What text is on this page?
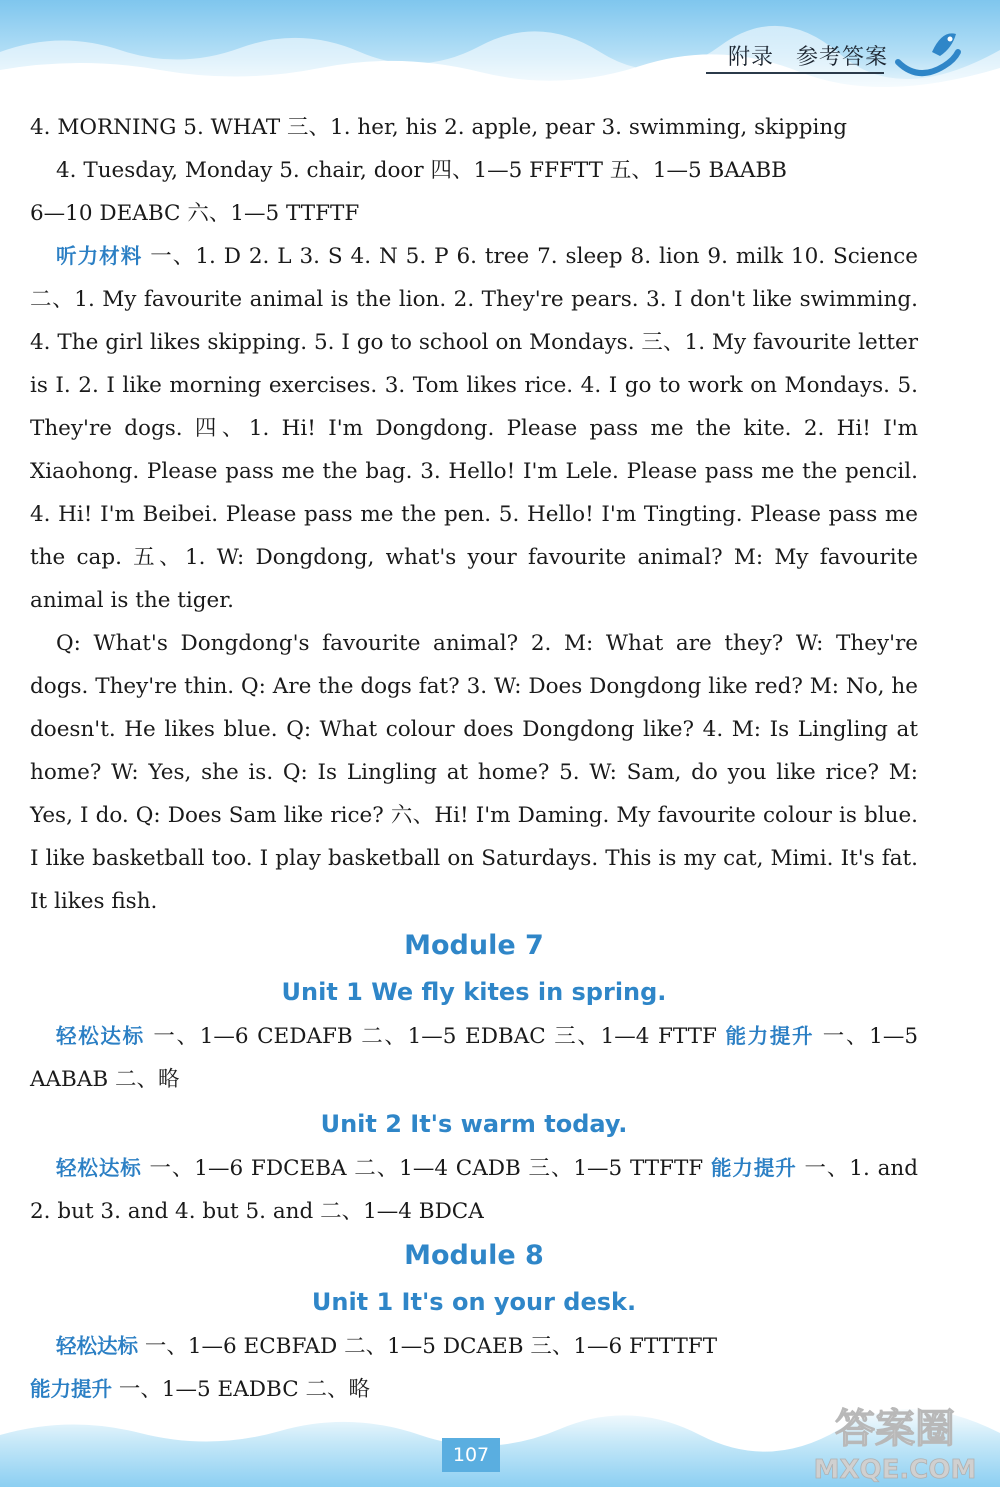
附录 参考答案

4. MORNING 5. WHAT 三、1. her, his 2. apple, pear 3. swimming, skipping

4. Tuesday, Monday 5. chair, door 四、1—5 FFFTT 五、1—5 BAABB

6—10 DEABC 六、1—5 TTFTF

听力材料 一、1. D 2. L 3. S 4. N 5. P 6. tree 7. sleep 8. lion 9. milk 10. Science 二、1. My favourite animal is the lion. 2. They're pears. 3. I don't like swimming. 4. The girl likes skipping. 5. I go to school on Mondays. 三、1. My favourite letter is I. 2. I like morning exercises. 3. Tom likes rice. 4. I go to work on Mondays. 5. They're dogs. 四、1. Hi! I'm Dongdong. Please pass me the kite. 2. Hi! I'm Xiaohong. Please pass me the bag. 3. Hello! I'm Lele. Please pass me the pencil. 4. Hi! I'm Beibei. Please pass me the pen. 5. Hello! I'm Tingting. Please pass me the cap. 五、1. W: Dongdong, what's your favourite animal? M: My favourite animal is the tiger.

Q: What's Dongdong's favourite animal? 2. M: What are they? W: They're dogs. They're thin. Q: Are the dogs fat? 3. W: Does Dongdong like red? M: No, he doesn't. He likes blue. Q: What colour does Dongdong like? 4. M: Is Lingling at home? W: Yes, she is. Q: Is Lingling at home? 5. W: Sam, do you like rice? M: Yes, I do. Q: Does Sam like rice? 六、Hi! I'm Daming. My favourite colour is blue. I like basketball too. I play basketball on Saturdays. This is my cat, Mimi. It's fat. It likes fish.

Module 7
Unit 1 We fly kites in spring.

轻松达标 一、1—6 CEDAFB 二、1—5 EDBAC 三、1—4 FTTF 能力提升 一、1—5 AABAB 二、略

Unit 2 It's warm today.

轻松达标 一、1—6 FDCEBA 二、1—4 CADB 三、1—5 TTFTF 能力提升 一、1. and 2. but 3. and 4. but 5. and 二、1—4 BDCA

Module 8
Unit 1 It's on your desk.

轻松达标 一、1—6 ECBFAD 二、1—5 DCAEB 三、1—6 FTTTFT

能力提升 一、1—5 EADBC 二、略

107
答案圈
MXQE.COM
